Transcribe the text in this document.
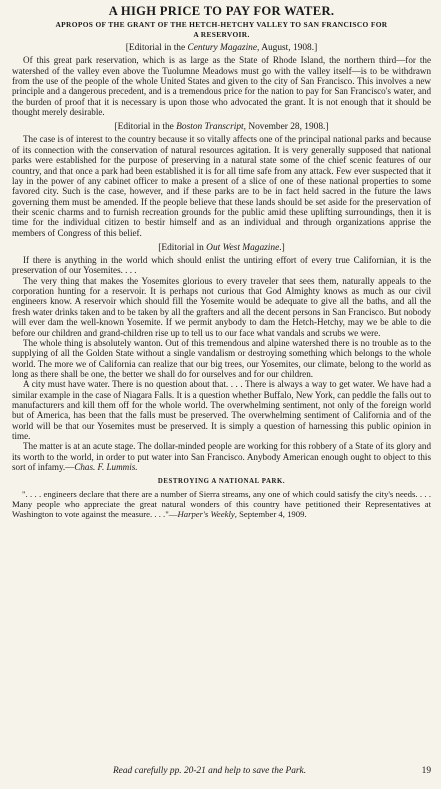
A HIGH PRICE TO PAY FOR WATER.
APROPOS OF THE GRANT OF THE HETCH-HETCHY VALLEY TO SAN FRANCISCO FOR
A RESERVOIR.
[Editorial in the Century Magazine, August, 1908.]

Of this great park reservation, which is as large as the State of Rhode Island, the northern third—for the watershed of the valley even above the Tuolumne Meadows must go with the valley itself—is to be withdrawn from the use of the people of the whole United States and given to the city of San Francisco. This involves a new principle and a dangerous precedent, and is a tremendous price for the nation to pay for San Francisco's water, and the burden of proof that it is necessary is upon those who advocated the grant. It is not enough that it should be thought merely desirable.

[Editorial in the Boston Transcript, November 28, 1908.]

The case is of interest to the country because it so vitally affects one of the principal national parks and because of its connection with the conservation of natural resources agitation. It is very generally supposed that national parks were established for the purpose of preserving in a natural state some of the chief scenic features of our country, and that once a park had been established it is for all time safe from any attack. Few ever suspected that it lay in the power of any cabinet officer to make a present of a slice of one of these national properties to some favored city. Such is the case, however, and if these parks are to be in fact held sacred in the future the laws governing them must be amended. If the people believe that these lands should be set aside for the preservation of their scenic charms and to furnish recreation grounds for the public amid these uplifting surroundings, then it is time for the individual citizen to bestir himself and as an individual and through organizations apprise the members of Congress of this belief.

[Editorial in Out West Magazine.]

If there is anything in the world which should enlist the untiring effort of every true Californian, it is the preservation of our Yosemites. . . .

The very thing that makes the Yosemites glorious to every traveler that sees them, naturally appeals to the corporation hunting for a reservoir. It is perhaps not curious that God Almighty knows as much as our civil engineers know. A reservoir which should fill the Yosemite would be adequate to give all the baths, and all the fresh water drinks taken and to be taken by all the grafters and all the decent persons in San Francisco. But nobody will ever dam the well-known Yosemite. If we permit anybody to dam the Hetch-Hetchy, may we be able to die before our children and grand-children rise up to tell us to our face what vandals and scrubs we were.

The whole thing is absolutely wanton. Out of this tremendous and alpine watershed there is no trouble as to the supplying of all the Golden State without a single vandalism or destroying something which belongs to the whole world. The more we of California can realize that our big trees, our Yosemites, our climate, belong to the world as long as there shall be one, the better we shall do for ourselves and for our children.

A city must have water. There is no question about that. . . . There is always a way to get water. We have had a similar example in the case of Niagara Falls. It is a question whether Buffalo, New York, can peddle the falls out to manufacturers and kill them off for the whole world. The overwhelming sentiment, not only of the foreign world but of America, has been that the falls must be preserved. The overwhelming sentiment of California and of the world will be that our Yosemites must be preserved. It is simply a question of harnessing this public opinion in time.

The matter is at an acute stage. The dollar-minded people are working for this robbery of a State of its glory and its worth to the world, in order to put water into San Francisco. Anybody American enough ought to object to this sort of infamy.—Chas. F. Lummis.

DESTROYING A NATIONAL PARK.

". . . . engineers declare that there are a number of Sierra streams, any one of which could satisfy the city's needs. . . . Many people who appreciate the great natural wonders of this country have petitioned their Representatives at Washington to vote against the measure. . . ."—Harper's Weekly, September 4, 1909.

Read carefully pp. 20-21 and help to save the Park.	19
